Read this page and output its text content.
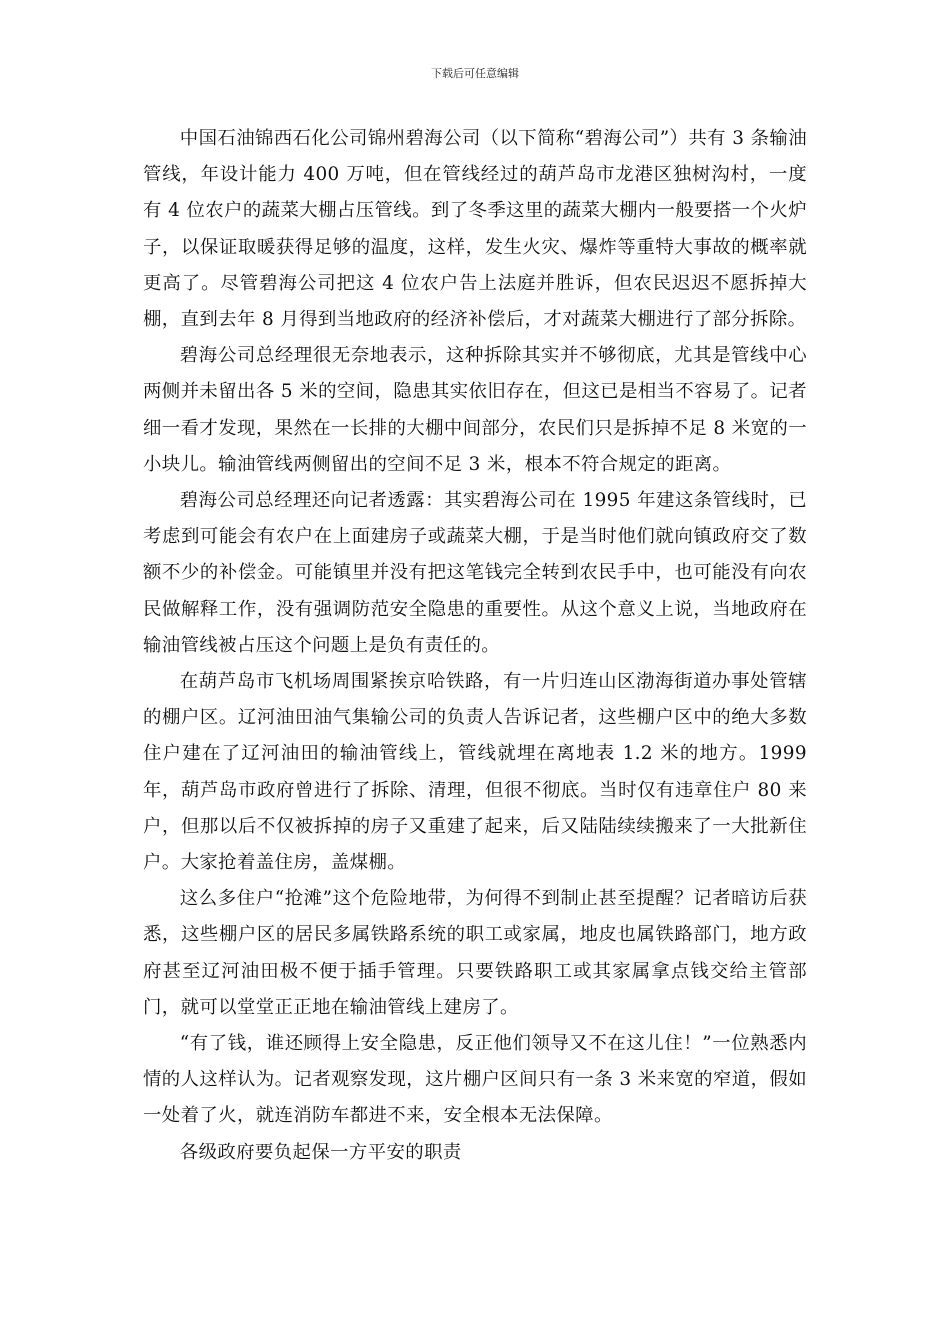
下载后可任意编辑

中国石油锦西石化公司锦州碧海公司（以下简称“碧海公司”）共有 3 条输油管线，年设计能力 400 万吨，但在管线经过的葫芦岛市龙港区独树沟村，一度有 4 位农户的蔬菜大棚占压管线。到了冬季这里的蔬菜大棚内一般要搭一个火炉子，以保证取暖获得足够的温度，这样，发生火灾、爆炸等重特大事故的概率就更高了。尽管碧海公司把这 4 位农户告上法庭并胜诉，但农民迟迟不愿拆掉大棚，直到去年 8 月得到当地政府的经济补偿后，才对蔬菜大棚进行了部分拆除。

碧海公司总经理很无奈地表示，这种拆除其实并不够彻底，尤其是管线中心两侧并未留出各 5 米的空间，隐患其实依旧存在，但这已是相当不容易了。记者细一看才发现，果然在一长排的大棚中间部分，农民们只是拆掉不足 8 米宽的一小块儿。输油管线两侧留出的空间不足 3 米，根本不符合规定的距离。

碧海公司总经理还向记者透露：其实碧海公司在 1995 年建这条管线时，已考虑到可能会有农户在上面建房子或蔬菜大棚，于是当时他们就向镇政府交了数额不少的补偿金。可能镇里并没有把这笔钱完全转到农民手中，也可能没有向农民做解释工作，没有强调防范安全隐患的重要性。从这个意义上说，当地政府在输油管线被占压这个问题上是负有责任的。

在葫芦岛市飞机场周围紧挨京哈铁路，有一片归连山区渤海街道办事处管辖的棚户区。辽河油田油气集输公司的负责人告诉记者，这些棚户区中的绝大多数住户建在了辽河油田的输油管线上，管线就埋在离地表 1.2 米的地方。1999 年，葫芦岛市政府曾进行了拆除、清理，但很不彻底。当时仅有违章住户 80 来户，但那以后不仅被拆掉的房子又重建了起来，后又陆陆续续搬来了一大批新住户。大家抢着盖住房，盖煤棚。

这么多住户“抢滩”这个危险地带，为何得不到制止甚至提醒？记者暗访后获悉，这些棚户区的居民多属铁路系统的职工或家属，地皮也属铁路部门，地方政府甚至辽河油田极不便于插手管理。只要铁路职工或其家属拿点钱交给主管部门，就可以堂堂正正地在输油管线上建房了。

“有了钱，谁还顾得上安全隐患，反正他们领导又不在这儿住！”一位熟悉内情的人这样认为。记者观察发现，这片棚户区间只有一条 3 米来宽的窄道，假如一处着了火，就连消防车都进不来，安全根本无法保障。

各级政府要负起保一方平安的职责
